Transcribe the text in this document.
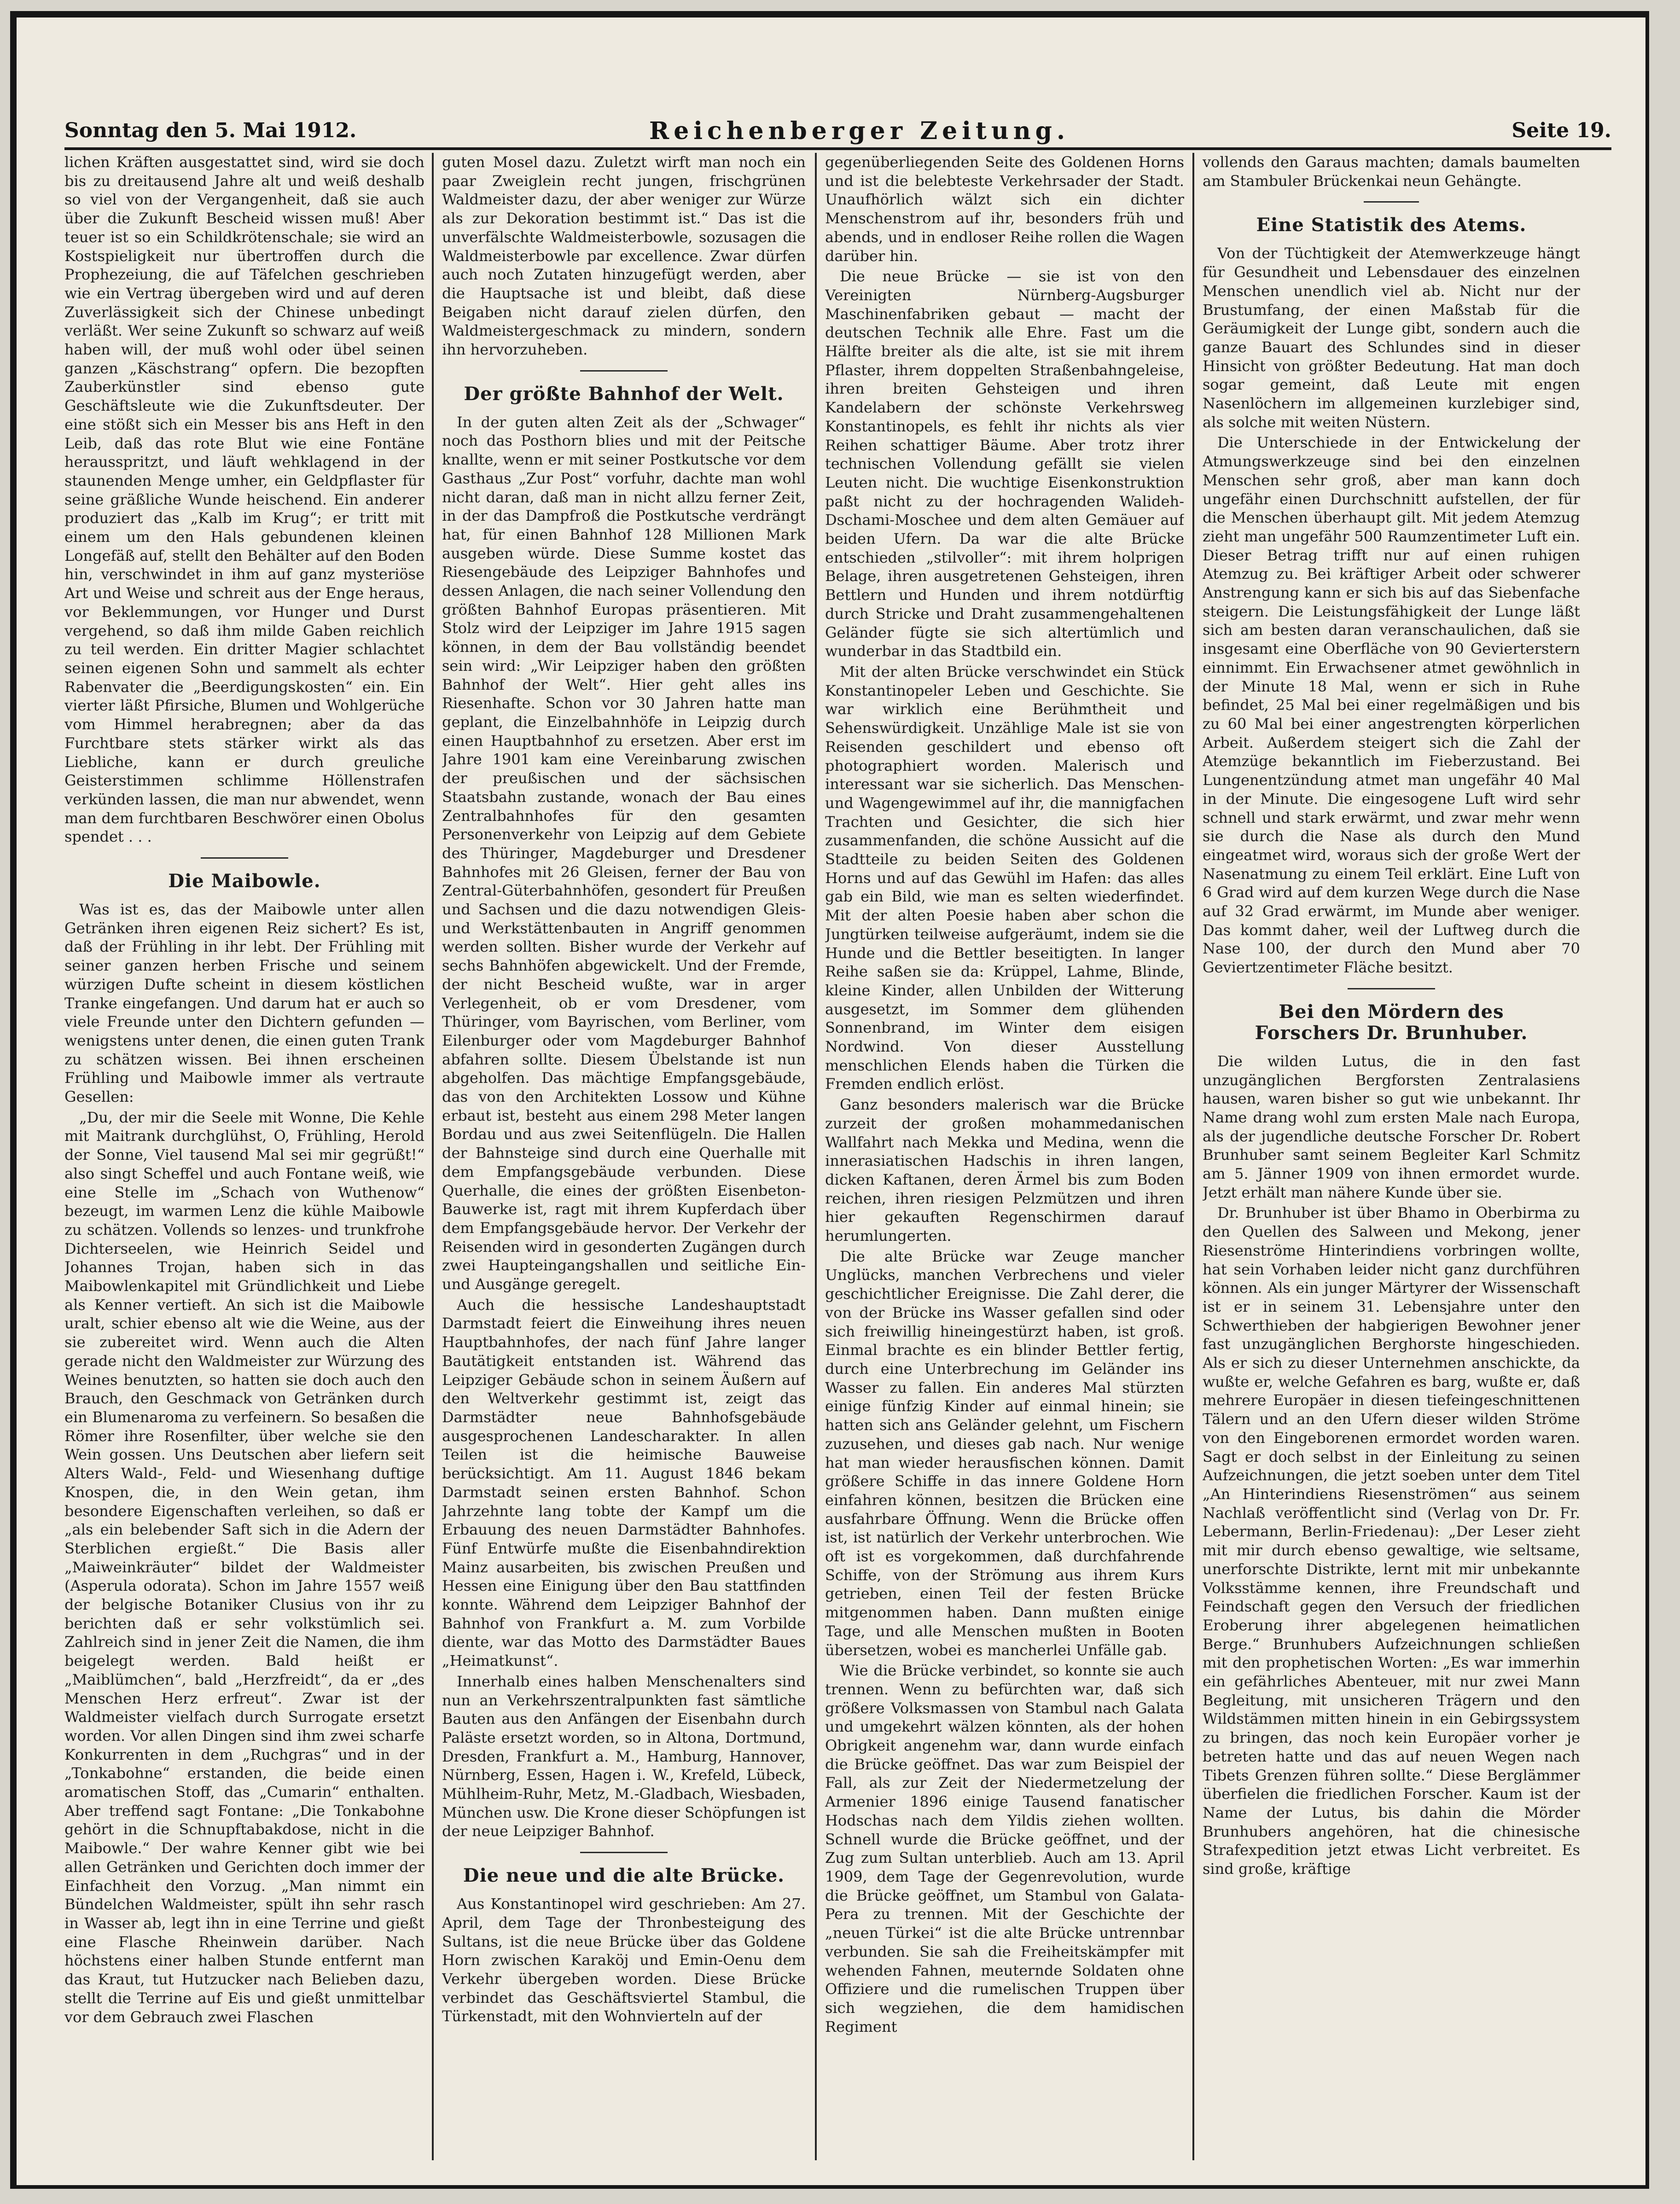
Sonntag den 5. Mai 1912.	Reichenberger Zeitung.	Seite 19.

lichen Kräften ausgestattet sind, wird sie doch bis zu dreitausend Jahre alt und weiß deshalb so viel von der Vergangenheit, daß sie auch über die Zukunft Bescheid wissen muß! Aber teuer ist so ein Schildkrötenschale; sie wird an Kostspieligkeit nur übertroffen durch die Prophezeiung, die auf Täfelchen geschrieben wie ein Vertrag übergeben wird und auf deren Zuverlässigkeit sich der Chinese unbedingt verläßt. Wer seine Zukunft so schwarz auf weiß haben will, der muß wohl oder übel seinen ganzen „Käschstrang“ opfern. Die bezopften Zauberkünstler sind ebenso gute Geschäftsleute wie die Zukunftsdeuter. Der eine stößt sich ein Messer bis ans Heft in den Leib, daß das rote Blut wie eine Fontäne herausspritzt, und läuft wehklagend in der staunenden Menge umher, ein Geldpflaster für seine gräßliche Wunde heischend. Ein anderer produziert das „Kalb im Krug“; er tritt mit einem um den Hals gebundenen kleinen Longefäß auf, stellt den Behälter auf den Boden hin, verschwindet in ihm auf ganz mysteriöse Art und Weise und schreit aus der Enge heraus, vor Beklemmungen, vor Hunger und Durst vergehend, so daß ihm milde Gaben reichlich zu teil werden. Ein dritter Magier schlachtet seinen eigenen Sohn und sammelt als echter Rabenvater die „Beerdigungskosten“ ein. Ein vierter läßt Pfirsiche, Blumen und Wohlgerüche vom Himmel herabregnen; aber da das Furchtbare stets stärker wirkt als das Liebliche, kann er durch greuliche Geisterstimmen schlimme Höllenstrafen verkünden lassen, die man nur abwendet, wenn man dem furchtbaren Beschwörer einen Obolus spendet . . .

Die Maibowle.

Was ist es, das der Maibowle unter allen Getränken ihren eigenen Reiz sichert? Es ist, daß der Frühling in ihr lebt. Der Frühling mit seiner ganzen herben Frische und seinem würzigen Dufte scheint in diesem köstlichen Tranke eingefangen. Und darum hat er auch so viele Freunde unter den Dichtern gefunden — wenigstens unter denen, die einen guten Trank zu schätzen wissen. Bei ihnen erscheinen Frühling und Maibowle immer als vertraute Gesellen:

„Du, der mir die Seele mit Wonne, Die Kehle mit Maitrank durchglühst, O, Frühling, Herold der Sonne, Viel tausend Mal sei mir gegrüßt!“ also singt Scheffel und auch Fontane weiß, wie eine Stelle im „Schach von Wuthenow“ bezeugt, im warmen Lenz die kühle Maibowle zu schätzen. Vollends so lenzes- und trunkfrohe Dichterseelen, wie Heinrich Seidel und Johannes Trojan, haben sich in das Maibowlenkapitel mit Gründlichkeit und Liebe als Kenner vertieft. An sich ist die Maibowle uralt, schier ebenso alt wie die Weine, aus der sie zubereitet wird. Wenn auch die Alten gerade nicht den Waldmeister zur Würzung des Weines benutzten, so hatten sie doch auch den Brauch, den Geschmack von Getränken durch ein Blumenaroma zu verfeinern. So besaßen die Römer ihre Rosenfilter, über welche sie den Wein gossen. Uns Deutschen aber liefern seit Alters Wald-, Feld- und Wiesenhang duftige Knospen, die, in den Wein getan, ihm besondere Eigenschaften verleihen, so daß er „als ein belebender Saft sich in die Adern der Sterblichen ergießt.“ Die Basis aller „Maiweinkräuter“ bildet der Waldmeister (Asperula odorata). Schon im Jahre 1557 weiß der belgische Botaniker Clusius von ihr zu berichten daß er sehr volkstümlich sei. Zahlreich sind in jener Zeit die Namen, die ihm beigelegt werden. Bald heißt er „Maiblümchen“, bald „Herzfreidt“, da er „des Menschen Herz erfreut“. Zwar ist der Waldmeister vielfach durch Surrogate ersetzt worden. Vor allen Dingen sind ihm zwei scharfe Konkurrenten in dem „Ruchgras“ und in der „Tonkabohne“ erstanden, die beide einen aromatischen Stoff, das „Cumarin“ enthalten. Aber treffend sagt Fontane: „Die Tonkabohne gehört in die Schnupftabakdose, nicht in die Maibowle.“ Der wahre Kenner gibt wie bei allen Getränken und Gerichten doch immer der Einfachheit den Vorzug. „Man nimmt ein Bündelchen Waldmeister, spült ihn sehr rasch in Wasser ab, legt ihn in eine Terrine und gießt eine Flasche Rheinwein darüber. Nach höchstens einer halben Stunde entfernt man das Kraut, tut Hutzucker nach Belieben dazu, stellt die Terrine auf Eis und gießt unmittelbar vor dem Gebrauch zwei Flaschen

guten Mosel dazu. Zuletzt wirft man noch ein paar Zweiglein recht jungen, frischgrünen Waldmeister dazu, der aber weniger zur Würze als zur Dekoration bestimmt ist.“ Das ist die unverfälschte Waldmeisterbowle, sozusagen die Waldmeisterbowle par excellence. Zwar dürfen auch noch Zutaten hinzugefügt werden, aber die Hauptsache ist und bleibt, daß diese Beigaben nicht darauf zielen dürfen, den Waldmeistergeschmack zu mindern, sondern ihn hervorzuheben.

Der größte Bahnhof der Welt.

In der guten alten Zeit als der „Schwager“ noch das Posthorn blies und mit der Peitsche knallte, wenn er mit seiner Postkutsche vor dem Gasthaus „Zur Post“ vorfuhr, dachte man wohl nicht daran, daß man in nicht allzu ferner Zeit, in der das Dampfroß die Postkutsche verdrängt hat, für einen Bahnhof 128 Millionen Mark ausgeben würde. Diese Summe kostet das Riesengebäude des Leipziger Bahnhofes und dessen Anlagen, die nach seiner Vollendung den größten Bahnhof Europas präsentieren. Mit Stolz wird der Leipziger im Jahre 1915 sagen können, in dem der Bau vollständig beendet sein wird: „Wir Leipziger haben den größten Bahnhof der Welt“. Hier geht alles ins Riesenhafte. Schon vor 30 Jahren hatte man geplant, die Einzelbahnhöfe in Leipzig durch einen Hauptbahnhof zu ersetzen. Aber erst im Jahre 1901 kam eine Vereinbarung zwischen der preußischen und der sächsischen Staatsbahn zustande, wonach der Bau eines Zentralbahnhofes für den gesamten Personenverkehr von Leipzig auf dem Gebiete des Thüringer, Magdeburger und Dresdener Bahnhofes mit 26 Gleisen, ferner der Bau von Zentral-Güterbahnhöfen, gesondert für Preußen und Sachsen und die dazu notwendigen Gleis- und Werkstättenbauten in Angriff genommen werden sollten. Bisher wurde der Verkehr auf sechs Bahnhöfen abgewickelt. Und der Fremde, der nicht Bescheid wußte, war in arger Verlegenheit, ob er vom Dresdener, vom Thüringer, vom Bayrischen, vom Berliner, vom Eilenburger oder vom Magdeburger Bahnhof abfahren sollte. Diesem Übelstande ist nun abgeholfen. Das mächtige Empfangsgebäude, das von den Architekten Lossow und Kühne erbaut ist, besteht aus einem 298 Meter langen Bordau und aus zwei Seitenflügeln. Die Hallen der Bahnsteige sind durch eine Querhalle mit dem Empfangsgebäude verbunden. Diese Querhalle, die eines der größten Eisenbeton-Bauwerke ist, ragt mit ihrem Kupferdach über dem Empfangsgebäude hervor. Der Verkehr der Reisenden wird in gesonderten Zugängen durch zwei Haupteingangshallen und seitliche Ein- und Ausgänge geregelt.

Auch die hessische Landeshauptstadt Darmstadt feiert die Einweihung ihres neuen Hauptbahnhofes, der nach fünf Jahre langer Bautätigkeit entstanden ist. Während das Leipziger Gebäude schon in seinem Äußern auf den Weltverkehr gestimmt ist, zeigt das Darmstädter neue Bahnhofsgebäude ausgesprochenen Landescharakter. In allen Teilen ist die heimische Bauweise berücksichtigt. Am 11. August 1846 bekam Darmstadt seinen ersten Bahnhof. Schon Jahrzehnte lang tobte der Kampf um die Erbauung des neuen Darmstädter Bahnhofes. Fünf Entwürfe mußte die Eisenbahndirektion Mainz ausarbeiten, bis zwischen Preußen und Hessen eine Einigung über den Bau stattfinden konnte. Während dem Leipziger Bahnhof der Bahnhof von Frankfurt a. M. zum Vorbilde diente, war das Motto des Darmstädter Baues „Heimatkunst“.

Innerhalb eines halben Menschenalters sind nun an Verkehrszentralpunkten fast sämtliche Bauten aus den Anfängen der Eisenbahn durch Paläste ersetzt worden, so in Altona, Dortmund, Dresden, Frankfurt a. M., Hamburg, Hannover, Nürnberg, Essen, Hagen i. W., Krefeld, Lübeck, Mühlheim-Ruhr, Metz, M.-Gladbach, Wiesbaden, München usw. Die Krone dieser Schöpfungen ist der neue Leipziger Bahnhof.

Die neue und die alte Brücke.

Aus Konstantinopel wird geschrieben: Am 27. April, dem Tage der Thronbesteigung des Sultans, ist die neue Brücke über das Goldene Horn zwischen Karaköj und Emin-Oenu dem Verkehr übergeben worden. Diese Brücke verbindet das Geschäftsviertel Stambul, die Türkenstadt, mit den Wohnvierteln auf der

gegenüberliegenden Seite des Goldenen Horns und ist die belebteste Verkehrsader der Stadt. Unaufhörlich wälzt sich ein dichter Menschenstrom auf ihr, besonders früh und abends, und in endloser Reihe rollen die Wagen darüber hin.

Die neue Brücke — sie ist von den Vereinigten Nürnberg-Augsburger Maschinenfabriken gebaut — macht der deutschen Technik alle Ehre. Fast um die Hälfte breiter als die alte, ist sie mit ihrem Pflaster, ihrem doppelten Straßenbahngeleise, ihren breiten Gehsteigen und ihren Kandelabern der schönste Verkehrsweg Konstantinopels, es fehlt ihr nichts als vier Reihen schattiger Bäume. Aber trotz ihrer technischen Vollendung gefällt sie vielen Leuten nicht. Die wuchtige Eisenkonstruktion paßt nicht zu der hochragenden Walideh-Dschami-Moschee und dem alten Gemäuer auf beiden Ufern. Da war die alte Brücke entschieden „stilvoller“: mit ihrem holprigen Belage, ihren ausgetretenen Gehsteigen, ihren Bettlern und Hunden und ihrem notdürftig durch Stricke und Draht zusammengehaltenen Geländer fügte sie sich altertümlich und wunderbar in das Stadtbild ein.

Mit der alten Brücke verschwindet ein Stück Konstantinopeler Leben und Geschichte. Sie war wirklich eine Berühmtheit und Sehenswürdigkeit. Unzählige Male ist sie von Reisenden geschildert und ebenso oft photographiert worden. Malerisch und interessant war sie sicherlich. Das Menschen- und Wagengewimmel auf ihr, die mannigfachen Trachten und Gesichter, die sich hier zusammenfanden, die schöne Aussicht auf die Stadtteile zu beiden Seiten des Goldenen Horns und auf das Gewühl im Hafen: das alles gab ein Bild, wie man es selten wiederfindet. Mit der alten Poesie haben aber schon die Jungtürken teilweise aufgeräumt, indem sie die Hunde und die Bettler beseitigten. In langer Reihe saßen sie da: Krüppel, Lahme, Blinde, kleine Kinder, allen Unbilden der Witterung ausgesetzt, im Sommer dem glühenden Sonnenbrand, im Winter dem eisigen Nordwind. Von dieser Ausstellung menschlichen Elends haben die Türken die Fremden endlich erlöst.

Ganz besonders malerisch war die Brücke zurzeit der großen mohammedanischen Wallfahrt nach Mekka und Medina, wenn die innerasiatischen Hadschis in ihren langen, dicken Kaftanen, deren Ärmel bis zum Boden reichen, ihren riesigen Pelzmützen und ihren hier gekauften Regenschirmen darauf herumlungerten.

Die alte Brücke war Zeuge mancher Unglücks, manchen Verbrechens und vieler geschichtlicher Ereignisse. Die Zahl derer, die von der Brücke ins Wasser gefallen sind oder sich freiwillig hineingestürzt haben, ist groß. Einmal brachte es ein blinder Bettler fertig, durch eine Unterbrechung im Geländer ins Wasser zu fallen. Ein anderes Mal stürzten einige fünfzig Kinder auf einmal hinein; sie hatten sich ans Geländer gelehnt, um Fischern zuzusehen, und dieses gab nach. Nur wenige hat man wieder herausfischen können. Damit größere Schiffe in das innere Goldene Horn einfahren können, besitzen die Brücken eine ausfahrbare Öffnung. Wenn die Brücke offen ist, ist natürlich der Verkehr unterbrochen. Wie oft ist es vorgekommen, daß durchfahrende Schiffe, von der Strömung aus ihrem Kurs getrieben, einen Teil der festen Brücke mitgenommen haben. Dann mußten einige Tage, und alle Menschen mußten in Booten übersetzen, wobei es mancherlei Unfälle gab.

Wie die Brücke verbindet, so konnte sie auch trennen. Wenn zu befürchten war, daß sich größere Volksmassen von Stambul nach Galata und umgekehrt wälzen könnten, als der hohen Obrigkeit angenehm war, dann wurde einfach die Brücke geöffnet. Das war zum Beispiel der Fall, als zur Zeit der Niedermetzelung der Armenier 1896 einige Tausend fanatischer Hodschas nach dem Yildis ziehen wollten. Schnell wurde die Brücke geöffnet, und der Zug zum Sultan unterblieb. Auch am 13. April 1909, dem Tage der Gegenrevolution, wurde die Brücke geöffnet, um Stambul von Galata-Pera zu trennen. Mit der Geschichte der „neuen Türkei“ ist die alte Brücke untrennbar verbunden. Sie sah die Freiheitskämpfer mit wehenden Fahnen, meuternde Soldaten ohne Offiziere und die rumelischen Truppen über sich wegziehen, die dem hamidischen Regiment

vollends den Garaus machten; damals baumelten am Stambuler Brückenkai neun Gehängte.

Eine Statistik des Atems.

Von der Tüchtigkeit der Atemwerkzeuge hängt für Gesundheit und Lebensdauer des einzelnen Menschen unendlich viel ab. Nicht nur der Brustumfang, der einen Maßstab für die Geräumigkeit der Lunge gibt, sondern auch die ganze Bauart des Schlundes sind in dieser Hinsicht von größter Bedeutung. Hat man doch sogar gemeint, daß Leute mit engen Nasenlöchern im allgemeinen kurzlebiger sind, als solche mit weiten Nüstern.

Die Unterschiede in der Entwickelung der Atmungswerkzeuge sind bei den einzelnen Menschen sehr groß, aber man kann doch ungefähr einen Durchschnitt aufstellen, der für die Menschen überhaupt gilt. Mit jedem Atemzug zieht man ungefähr 500 Raumzentimeter Luft ein. Dieser Betrag trifft nur auf einen ruhigen Atemzug zu. Bei kräftiger Arbeit oder schwerer Anstrengung kann er sich bis auf das Siebenfache steigern. Die Leistungsfähigkeit der Lunge läßt sich am besten daran veranschaulichen, daß sie insgesamt eine Oberfläche von 90 Gevierterstern einnimmt. Ein Erwachsener atmet gewöhnlich in der Minute 18 Mal, wenn er sich in Ruhe befindet, 25 Mal bei einer regelmäßigen und bis zu 60 Mal bei einer angestrengten körperlichen Arbeit. Außerdem steigert sich die Zahl der Atemzüge bekanntlich im Fieberzustand. Bei Lungenentzündung atmet man ungefähr 40 Mal in der Minute. Die eingesogene Luft wird sehr schnell und stark erwärmt, und zwar mehr wenn sie durch die Nase als durch den Mund eingeatmet wird, woraus sich der große Wert der Nasenatmung zu einem Teil erklärt. Eine Luft von 6 Grad wird auf dem kurzen Wege durch die Nase auf 32 Grad erwärmt, im Munde aber weniger. Das kommt daher, weil der Luftweg durch die Nase 100, der durch den Mund aber 70 Geviertzentimeter Fläche besitzt.

Bei den Mördern des
Forschers Dr. Brunhuber.

Die wilden Lutus, die in den fast unzugänglichen Bergforsten Zentralasiens hausen, waren bisher so gut wie unbekannt. Ihr Name drang wohl zum ersten Male nach Europa, als der jugendliche deutsche Forscher Dr. Robert Brunhuber samt seinem Begleiter Karl Schmitz am 5. Jänner 1909 von ihnen ermordet wurde. Jetzt erhält man nähere Kunde über sie.

Dr. Brunhuber ist über Bhamo in Oberbirma zu den Quellen des Salween und Mekong, jener Riesenströme Hinterindiens vorbringen wollte, hat sein Vorhaben leider nicht ganz durchführen können. Als ein junger Märtyrer der Wissenschaft ist er in seinem 31. Lebensjahre unter den Schwerthieben der habgierigen Bewohner jener fast unzugänglichen Berghorste hingeschieden. Als er sich zu dieser Unternehmen anschickte, da wußte er, welche Gefahren es barg, wußte er, daß mehrere Europäer in diesen tiefeingeschnittenen Tälern und an den Ufern dieser wilden Ströme von den Eingeborenen ermordet worden waren. Sagt er doch selbst in der Einleitung zu seinen Aufzeichnungen, die jetzt soeben unter dem Titel „An Hinterindiens Riesenströmen“ aus seinem Nachlaß veröffentlicht sind (Verlag von Dr. Fr. Lebermann, Berlin-Friedenau): „Der Leser zieht mit mir durch ebenso gewaltige, wie seltsame, unerforschte Distrikte, lernt mit mir unbekannte Volksstämme kennen, ihre Freundschaft und Feindschaft gegen den Versuch der friedlichen Eroberung ihrer abgelegenen heimatlichen Berge.“ Brunhubers Aufzeichnungen schließen mit den prophetischen Worten: „Es war immerhin ein gefährliches Abenteuer, mit nur zwei Mann Begleitung, mit unsicheren Trägern und den Wildstämmen mitten hinein in ein Gebirgssystem zu bringen, das noch kein Europäer vorher je betreten hatte und das auf neuen Wegen nach Tibets Grenzen führen sollte.“ Diese Berglämmer überfielen die friedlichen Forscher. Kaum ist der Name der Lutus, bis dahin die Mörder Brunhubers angehören, hat die chinesische Strafexpedition jetzt etwas Licht verbreitet. Es sind große, kräftige
